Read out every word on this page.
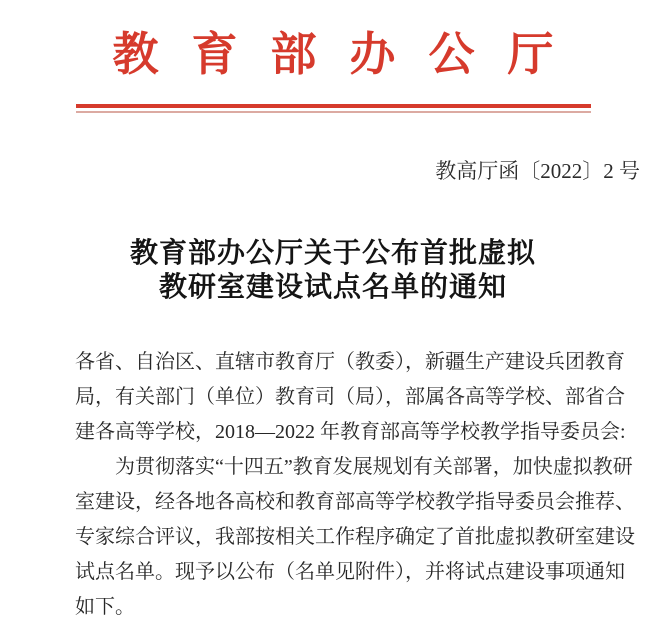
教育部办公厅
教高厅函〔2022〕2 号
教育部办公厅关于公布首批虚拟
教研室建设试点名单的通知
各省、自治区、直辖市教育厅（教委），新疆生产建设兵团教育
局，有关部门（单位）教育司（局），部属各高等学校、部省合
建各高等学校，2018—2022 年教育部高等学校教学指导委员会:
为贯彻落实“十四五”教育发展规划有关部署，加快虚拟教研
室建设，经各地各高校和教育部高等学校教学指导委员会推荐、
专家综合评议，我部按相关工作程序确定了首批虚拟教研室建设
试点名单。现予以公布（名单见附件），并将试点建设事项通知
如下。
